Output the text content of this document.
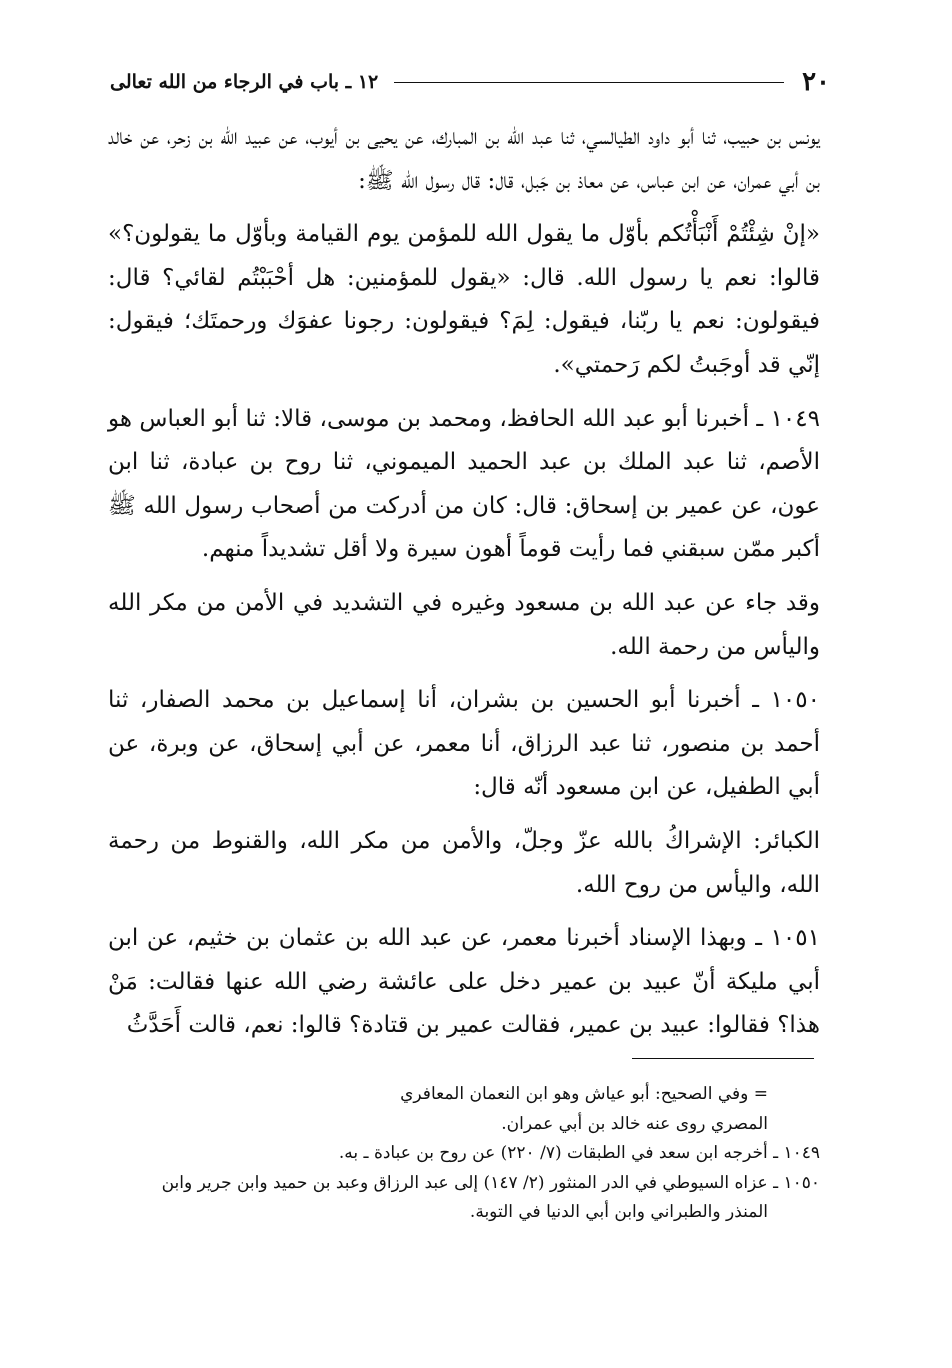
٢٠
١٢ ـ باب في الرجاء من الله تعالى

يونس بن حبيب، ثنا أبو داود الطيالسي، ثنا عبد الله بن المبارك، عن يحيى بن أيوب، عن عبيد الله بن زحر، عن خالد بن أبي عمران، عن ابن عباس، عن معاذ بن جَبل، قال: قال رسول الله ﷺ:

«إنْ شِئْتُمْ أَنْبَأْتُكم بأوّل ما يقول الله للمؤمن يوم القيامة وبأوّل ما يقولون؟» قالوا: نعم يا رسول الله. قال: «يقول للمؤمنين: هل أحْبَبْتُم لقائي؟ قال: فيقولون: نعم يا ربّنا، فيقول: لِمَ؟ فيقولون: رجونا عفوَك ورحمتَك؛ فيقول: إنّي قد أوجَبتُ لكم رَحمتي».

١٠٤٩ ـ أخبرنا أبو عبد الله الحافظ، ومحمد بن موسى، قالا: ثنا أبو العباس هو الأصم، ثنا عبد الملك بن عبد الحميد الميموني، ثنا روح بن عبادة، ثنا ابن عون، عن عمير بن إسحاق: قال: كان من أدركت من أصحاب رسول الله ﷺ أكبر ممّن سبقني فما رأيت قوماً أهون سيرة ولا أقل تشديداً منهم.

وقد جاء عن عبد الله بن مسعود وغيره في التشديد في الأمن من مكر الله واليأس من رحمة الله.

١٠٥٠ ـ أخبرنا أبو الحسين بن بشران، أنا إسماعيل بن محمد الصفار، ثنا أحمد بن منصور، ثنا عبد الرزاق، أنا معمر، عن أبي إسحاق، عن وبرة، عن أبي الطفيل، عن ابن مسعود أنّه قال:

الكبائر: الإشراكُ بالله عزّ وجلّ، والأمن من مكر الله، والقنوط من رحمة الله، واليأس من روح الله.

١٠٥١ ـ وبهذا الإسناد أخبرنا معمر، عن عبد الله بن عثمان بن خثيم، عن ابن أبي مليكة أنّ عبيد بن عمير دخل على عائشة رضي الله عنها فقالت: مَنْ هذا؟ فقالوا: عبيد بن عمير، فقالت عمير بن قتادة؟ قالوا: نعم، قالت أَحَدَّثُ

= وفي الصحيح: أبو عياش وهو ابن النعمان المعافري

المصري روى عنه خالد بن أبي عمران.

١٠٤٩ ـ أخرجه ابن سعد في الطبقات (٧/ ٢٢٠) عن روح بن عبادة ـ به.

١٠٥٠ ـ عزاه السيوطي في الدر المنثور (٢/ ١٤٧) إلى عبد الرزاق وعبد بن حميد وابن جرير وابن

المنذر والطبراني وابن أبي الدنيا في التوبة.
